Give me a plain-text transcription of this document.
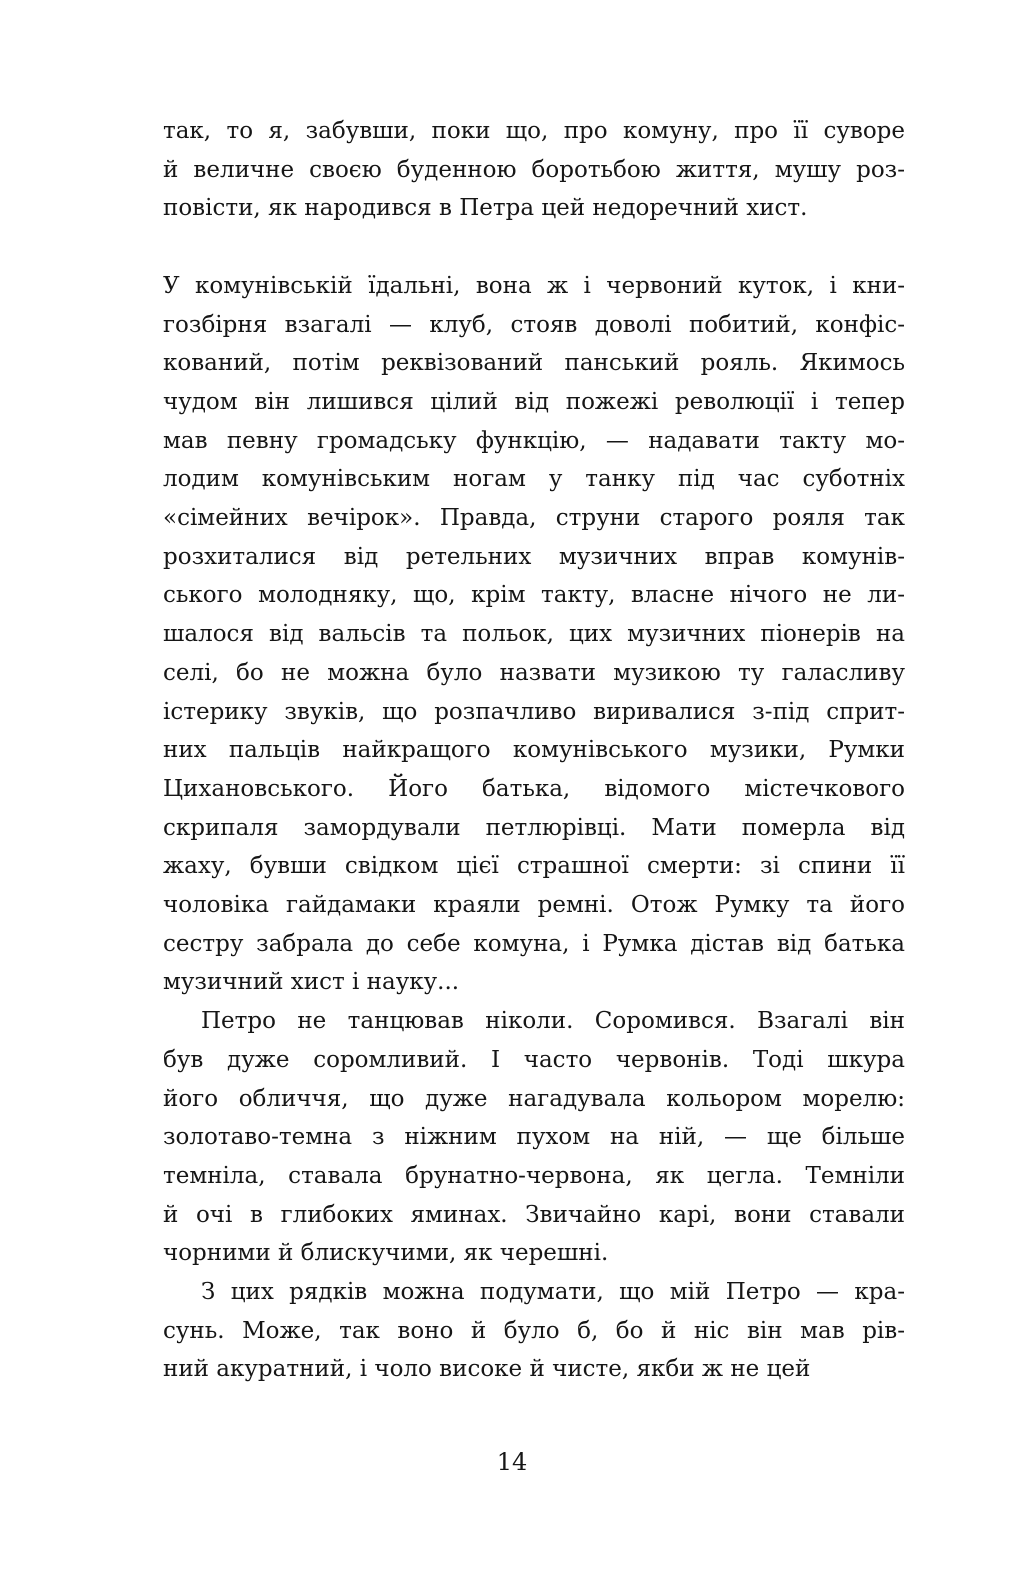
так, то я, забувши, поки що, про комуну, про її суворе
й величне своєю буденною боротьбою життя, мушу роз-
повісти, як народився в Петра цей недоречний хист.
У комунівській їдальні, вона ж і червоний куток, і кни-
гозбірня взагалі — клуб, стояв доволі побитий, конфіс-
кований, потім реквізований панський рояль. Якимось
чудом він лишився цілий від пожежі революції і тепер
мав певну громадську функцію, — надавати такту мо-
лодим комунівським ногам у танку під час суботніх
«сімейних вечірок». Правда, струни старого рояля так
розхиталися від ретельних музичних вправ комунів-
ського молодняку, що, крім такту, власне нічого не ли-
шалося від вальсів та польок, цих музичних піонерів на
селі, бо не можна було назвати музикою ту галасливу
істерику звуків, що розпачливо виривалися з-під сприт-
них пальців найкращого комунівського музики, Румки
Цихановського. Його батька, відомого містечкового
скрипаля замордували петлюрівці. Мати померла від
жаху, бувши свідком цієї страшної смерти: зі спини її
чоловіка гайдамаки краяли ремні. Отож Румку та його
сестру забрала до себе комуна, і Румка дістав від батька
музичний хист і науку...
Петро не танцював ніколи. Соромився. Взагалі він
був дуже соромливий. І часто червонів. Тоді шкура
його обличчя, що дуже нагадувала кольором морелю:
золотаво-темна з ніжним пухом на ній, — ще більше
темніла, ставала брунатно-червона, як цегла. Темніли
й очі в глибоких яминах. Звичайно карі, вони ставали
чорними й блискучими, як черешні.
З цих рядків можна подумати, що мій Петро — кра-
сунь. Може, так воно й було б, бо й ніс він мав рів-
ний акуратний, і чоло високе й чисте, якби ж не цей
14
